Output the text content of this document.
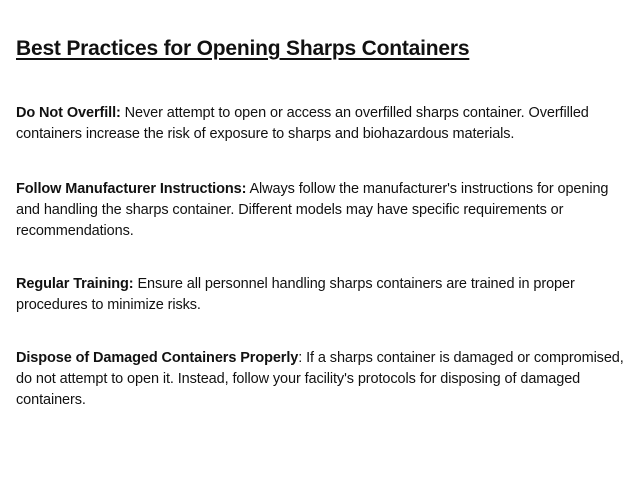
Best Practices for Opening Sharps Containers

Do Not Overfill: Never attempt to open or access an overfilled sharps container. Overfilled containers increase the risk of exposure to sharps and biohazardous materials.

Follow Manufacturer Instructions: Always follow the manufacturer's instructions for opening and handling the sharps container. Different models may have specific requirements or recommendations.

Regular Training: Ensure all personnel handling sharps containers are trained in proper procedures to minimize risks.

Dispose of Damaged Containers Properly: If a sharps container is damaged or compromised, do not attempt to open it. Instead, follow your facility's protocols for disposing of damaged containers.
